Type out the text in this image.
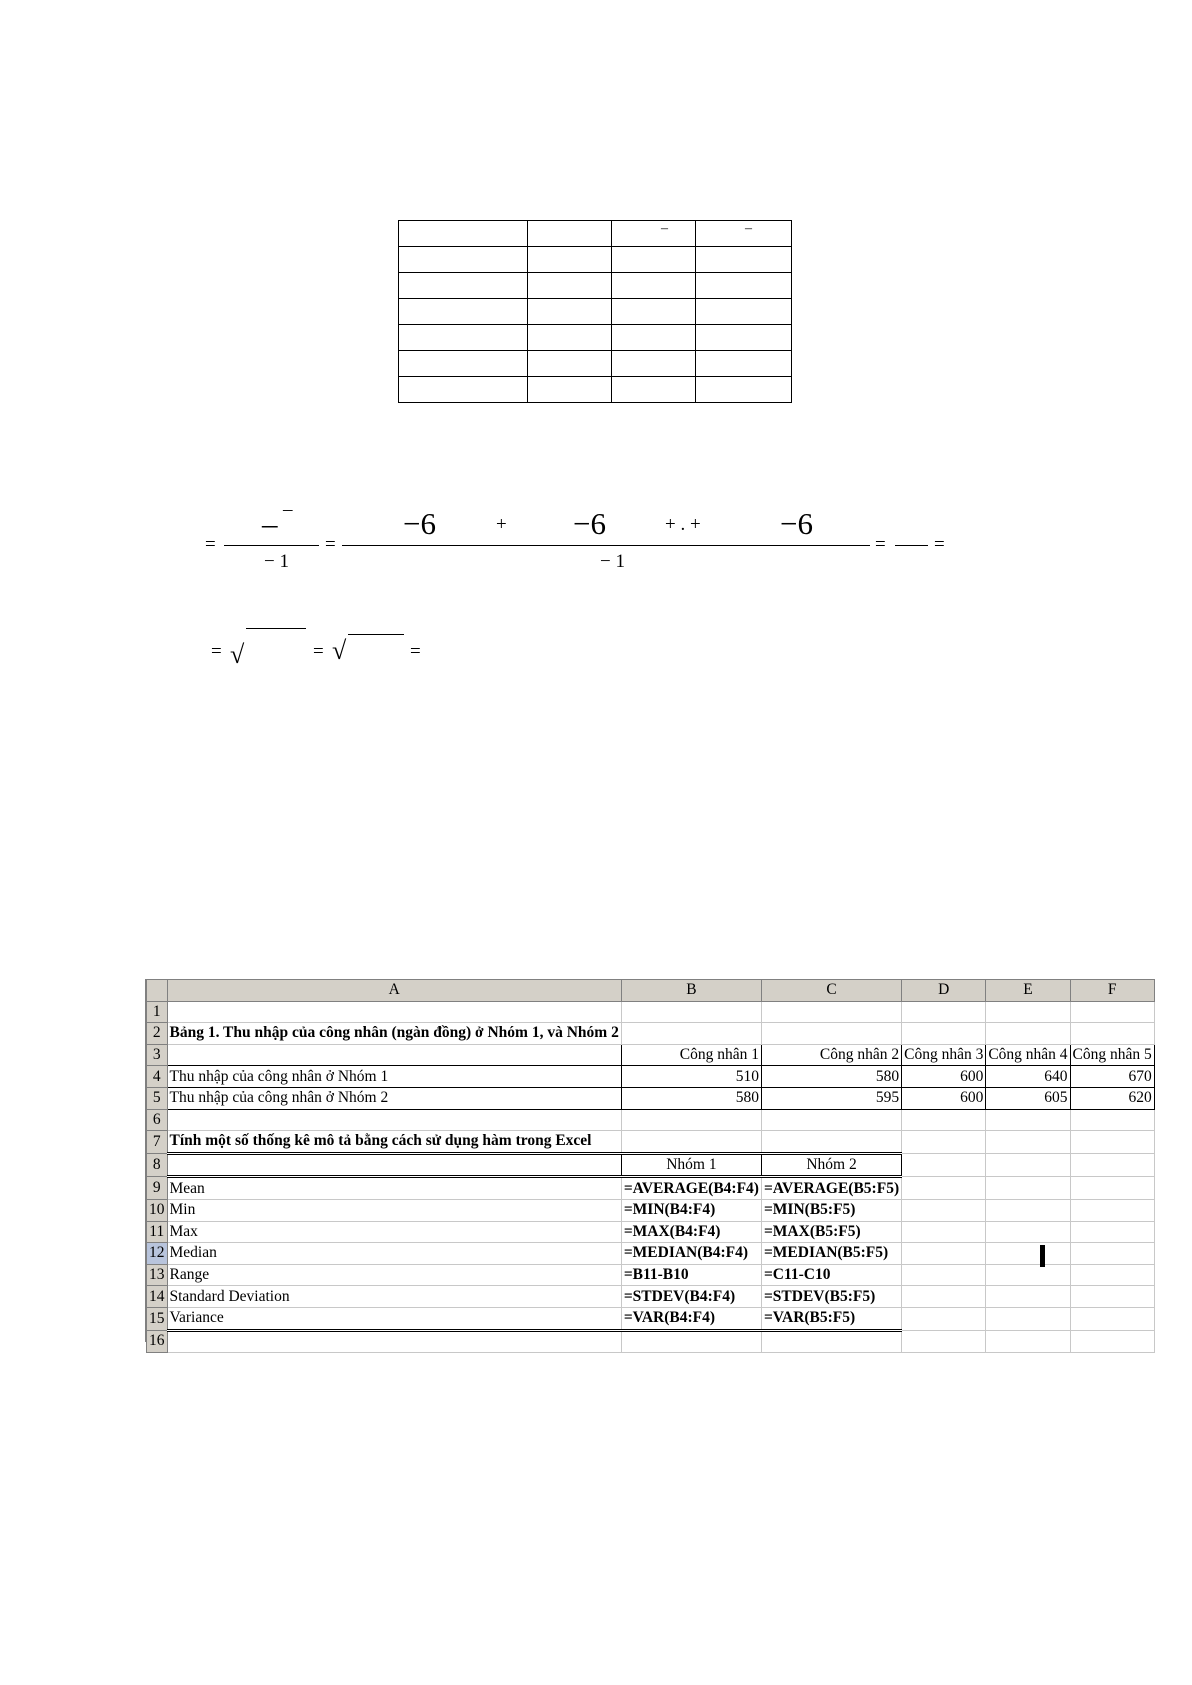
		–	–

=
– –
− 1
=
−6	+ −6	+ . +	−6
− 1
=	=
= √	= √	=
	A	B	C	D	E	F
1						
2	Bảng 1. Thu nhập của công nhân (ngàn đồng) ở Nhóm 1, và Nhóm 2					
3		Công nhân 1	Công nhân 2	Công nhân 3	Công nhân 4	Công nhân 5
4	Thu nhập của công nhân ở Nhóm 1	510	580	600	640	670
5	Thu nhập của công nhân ở Nhóm 2	580	595	600	605	620
6						
7	Tính một số thống kê mô tả bằng cách sử dụng hàm trong Excel					
8		Nhóm 1	Nhóm 2			
9	Mean	=AVERAGE(B4:F4)	=AVERAGE(B5:F5)			
10	Min	=MIN(B4:F4)	=MIN(B5:F5)			
11	Max	=MAX(B4:F4)	=MAX(B5:F5)			
12	Median	=MEDIAN(B4:F4)	=MEDIAN(B5:F5)			
13	Range	=B11-B10	=C11-C10			
14	Standard Deviation	=STDEV(B4:F4)	=STDEV(B5:F5)			
15	Variance	=VAR(B4:F4)	=VAR(B5:F5)			
16						
